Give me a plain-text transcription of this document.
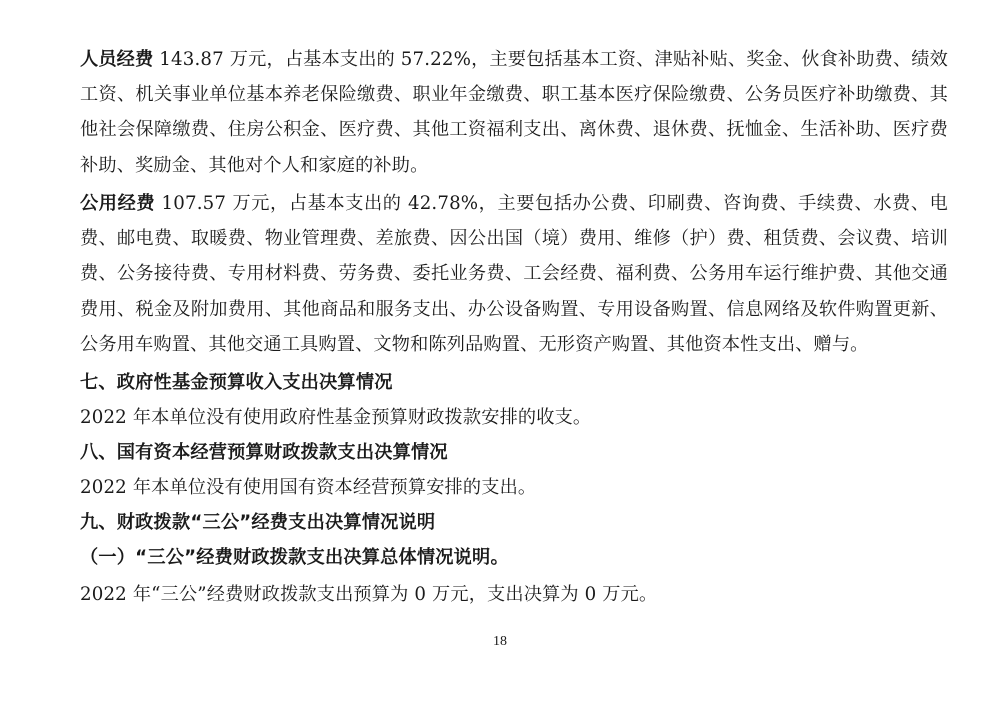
人员经费 143.87 万元，占基本支出的 57.22%，主要包括基本工资、津贴补贴、奖金、伙食补助费、绩效工资、机关事业单位基本养老保险缴费、职业年金缴费、职工基本医疗保险缴费、公务员医疗补助缴费、其他社会保障缴费、住房公积金、医疗费、其他工资福利支出、离休费、退休费、抚恤金、生活补助、医疗费补助、奖励金、其他对个人和家庭的补助。

公用经费 107.57 万元，占基本支出的 42.78%，主要包括办公费、印刷费、咨询费、手续费、水费、电费、邮电费、取暖费、物业管理费、差旅费、因公出国（境）费用、维修（护）费、租赁费、会议费、培训费、公务接待费、专用材料费、劳务费、委托业务费、工会经费、福利费、公务用车运行维护费、其他交通费用、税金及附加费用、其他商品和服务支出、办公设备购置、专用设备购置、信息网络及软件购置更新、公务用车购置、其他交通工具购置、文物和陈列品购置、无形资产购置、其他资本性支出、赠与。

七、政府性基金预算收入支出决算情况

2022 年本单位没有使用政府性基金预算财政拨款安排的收支。

八、国有资本经营预算财政拨款支出决算情况

2022 年本单位没有使用国有资本经营预算安排的支出。

九、财政拨款“三公”经费支出决算情况说明

（一）“三公”经费财政拨款支出决算总体情况说明。

2022 年“三公”经费财政拨款支出预算为 0 万元，支出决算为 0 万元。

18
